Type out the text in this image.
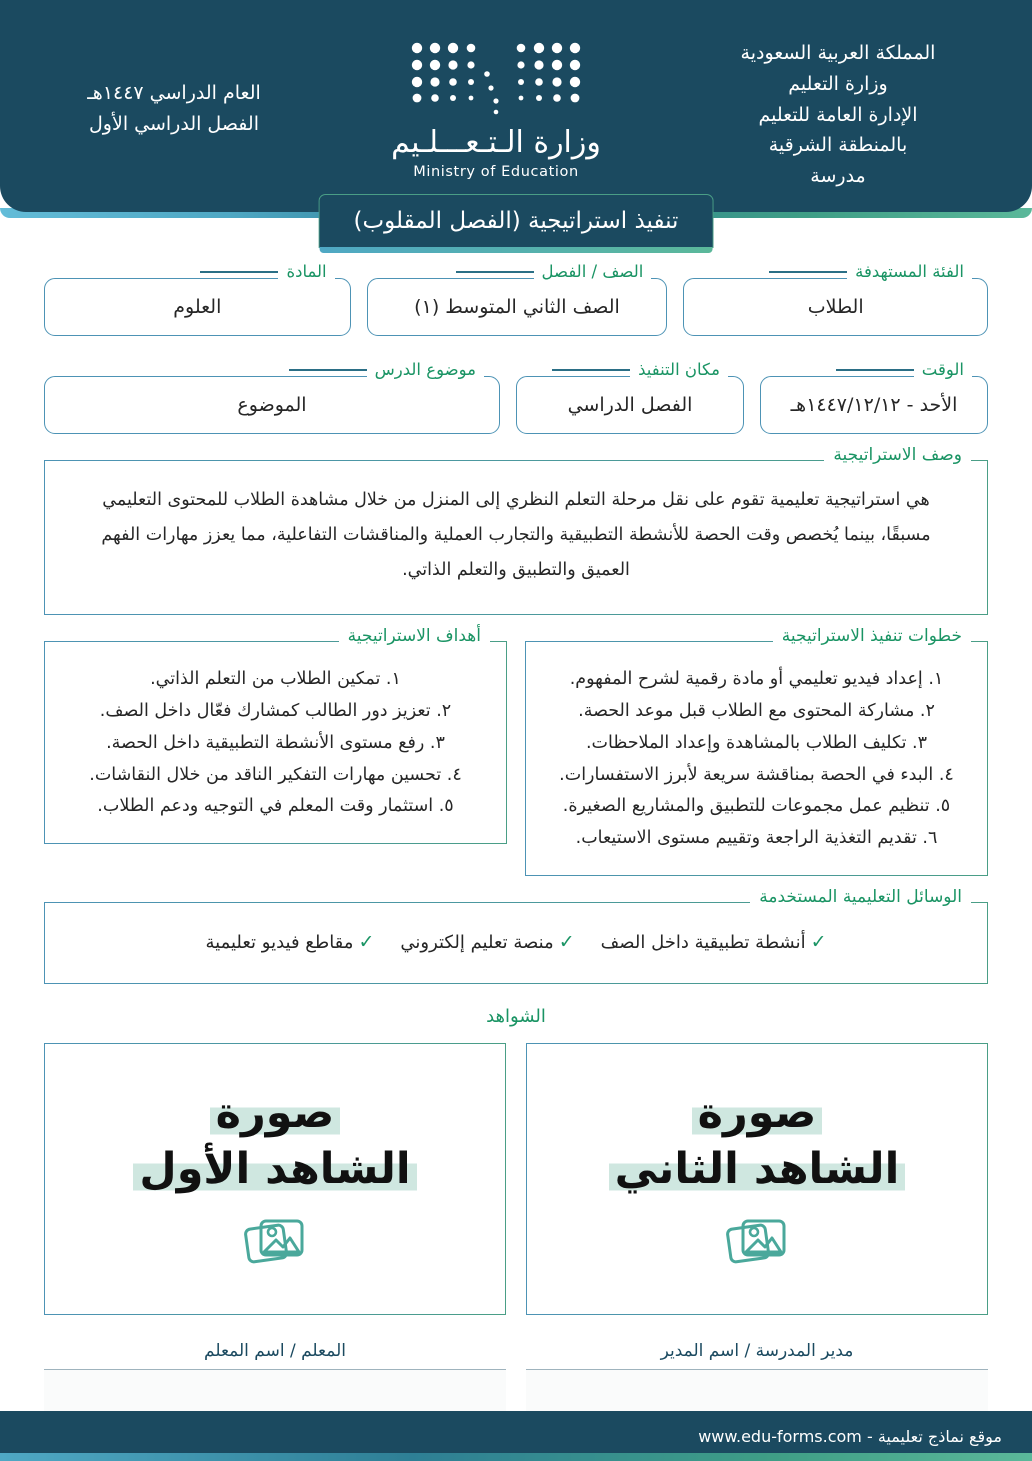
المملكة العربية السعودية
وزارة التعليم
الإدارة العامة للتعليم
بالمنطقة الشرقية
مدرسة
وزارة الـتـعـــلـيم
Ministry of Education
العام الدراسي ١٤٤٧هـ
الفصل الدراسي الأول
تنفيذ استراتيجية (الفصل المقلوب)
الفئة المستهدفة
الطلاب
الصف / الفصل
الصف الثاني المتوسط (١)
المادة
العلوم
الوقت
الأحد - ١٤٤٧/١٢/١٢هـ
مكان التنفيذ
الفصل الدراسي
موضوع الدرس
الموضوع
وصف الاستراتيجية
هي استراتيجية تعليمية تقوم على نقل مرحلة التعلم النظري إلى المنزل من خلال مشاهدة الطلاب للمحتوى التعليمي مسبقًا، بينما يُخصص وقت الحصة للأنشطة التطبيقية والتجارب العملية والمناقشات التفاعلية، مما يعزز مهارات الفهم العميق والتطبيق والتعلم الذاتي.
خطوات تنفيذ الاستراتيجية
١. إعداد فيديو تعليمي أو مادة رقمية لشرح المفهوم.
٢. مشاركة المحتوى مع الطلاب قبل موعد الحصة.
٣. تكليف الطلاب بالمشاهدة وإعداد الملاحظات.
٤. البدء في الحصة بمناقشة سريعة لأبرز الاستفسارات.
٥. تنظيم عمل مجموعات للتطبيق والمشاريع الصغيرة.
٦. تقديم التغذية الراجعة وتقييم مستوى الاستيعاب.
أهداف الاستراتيجية
١. تمكين الطلاب من التعلم الذاتي.
٢. تعزيز دور الطالب كمشارك فعّال داخل الصف.
٣. رفع مستوى الأنشطة التطبيقية داخل الحصة.
٤. تحسين مهارات التفكير الناقد من خلال النقاشات.
٥. استثمار وقت المعلم في التوجيه ودعم الطلاب.
الوسائل التعليمية المستخدمة
✓أنشطة تطبيقية داخل الصف
✓منصة تعليم إلكتروني
✓مقاطع فيديو تعليمية
الشواهد
صورة
الشاهد الثاني
صورة
الشاهد الأول
مدير المدرسة / اسم المدير
المعلم / اسم المعلم
موقع نماذج تعليمية - www.edu-forms.com
